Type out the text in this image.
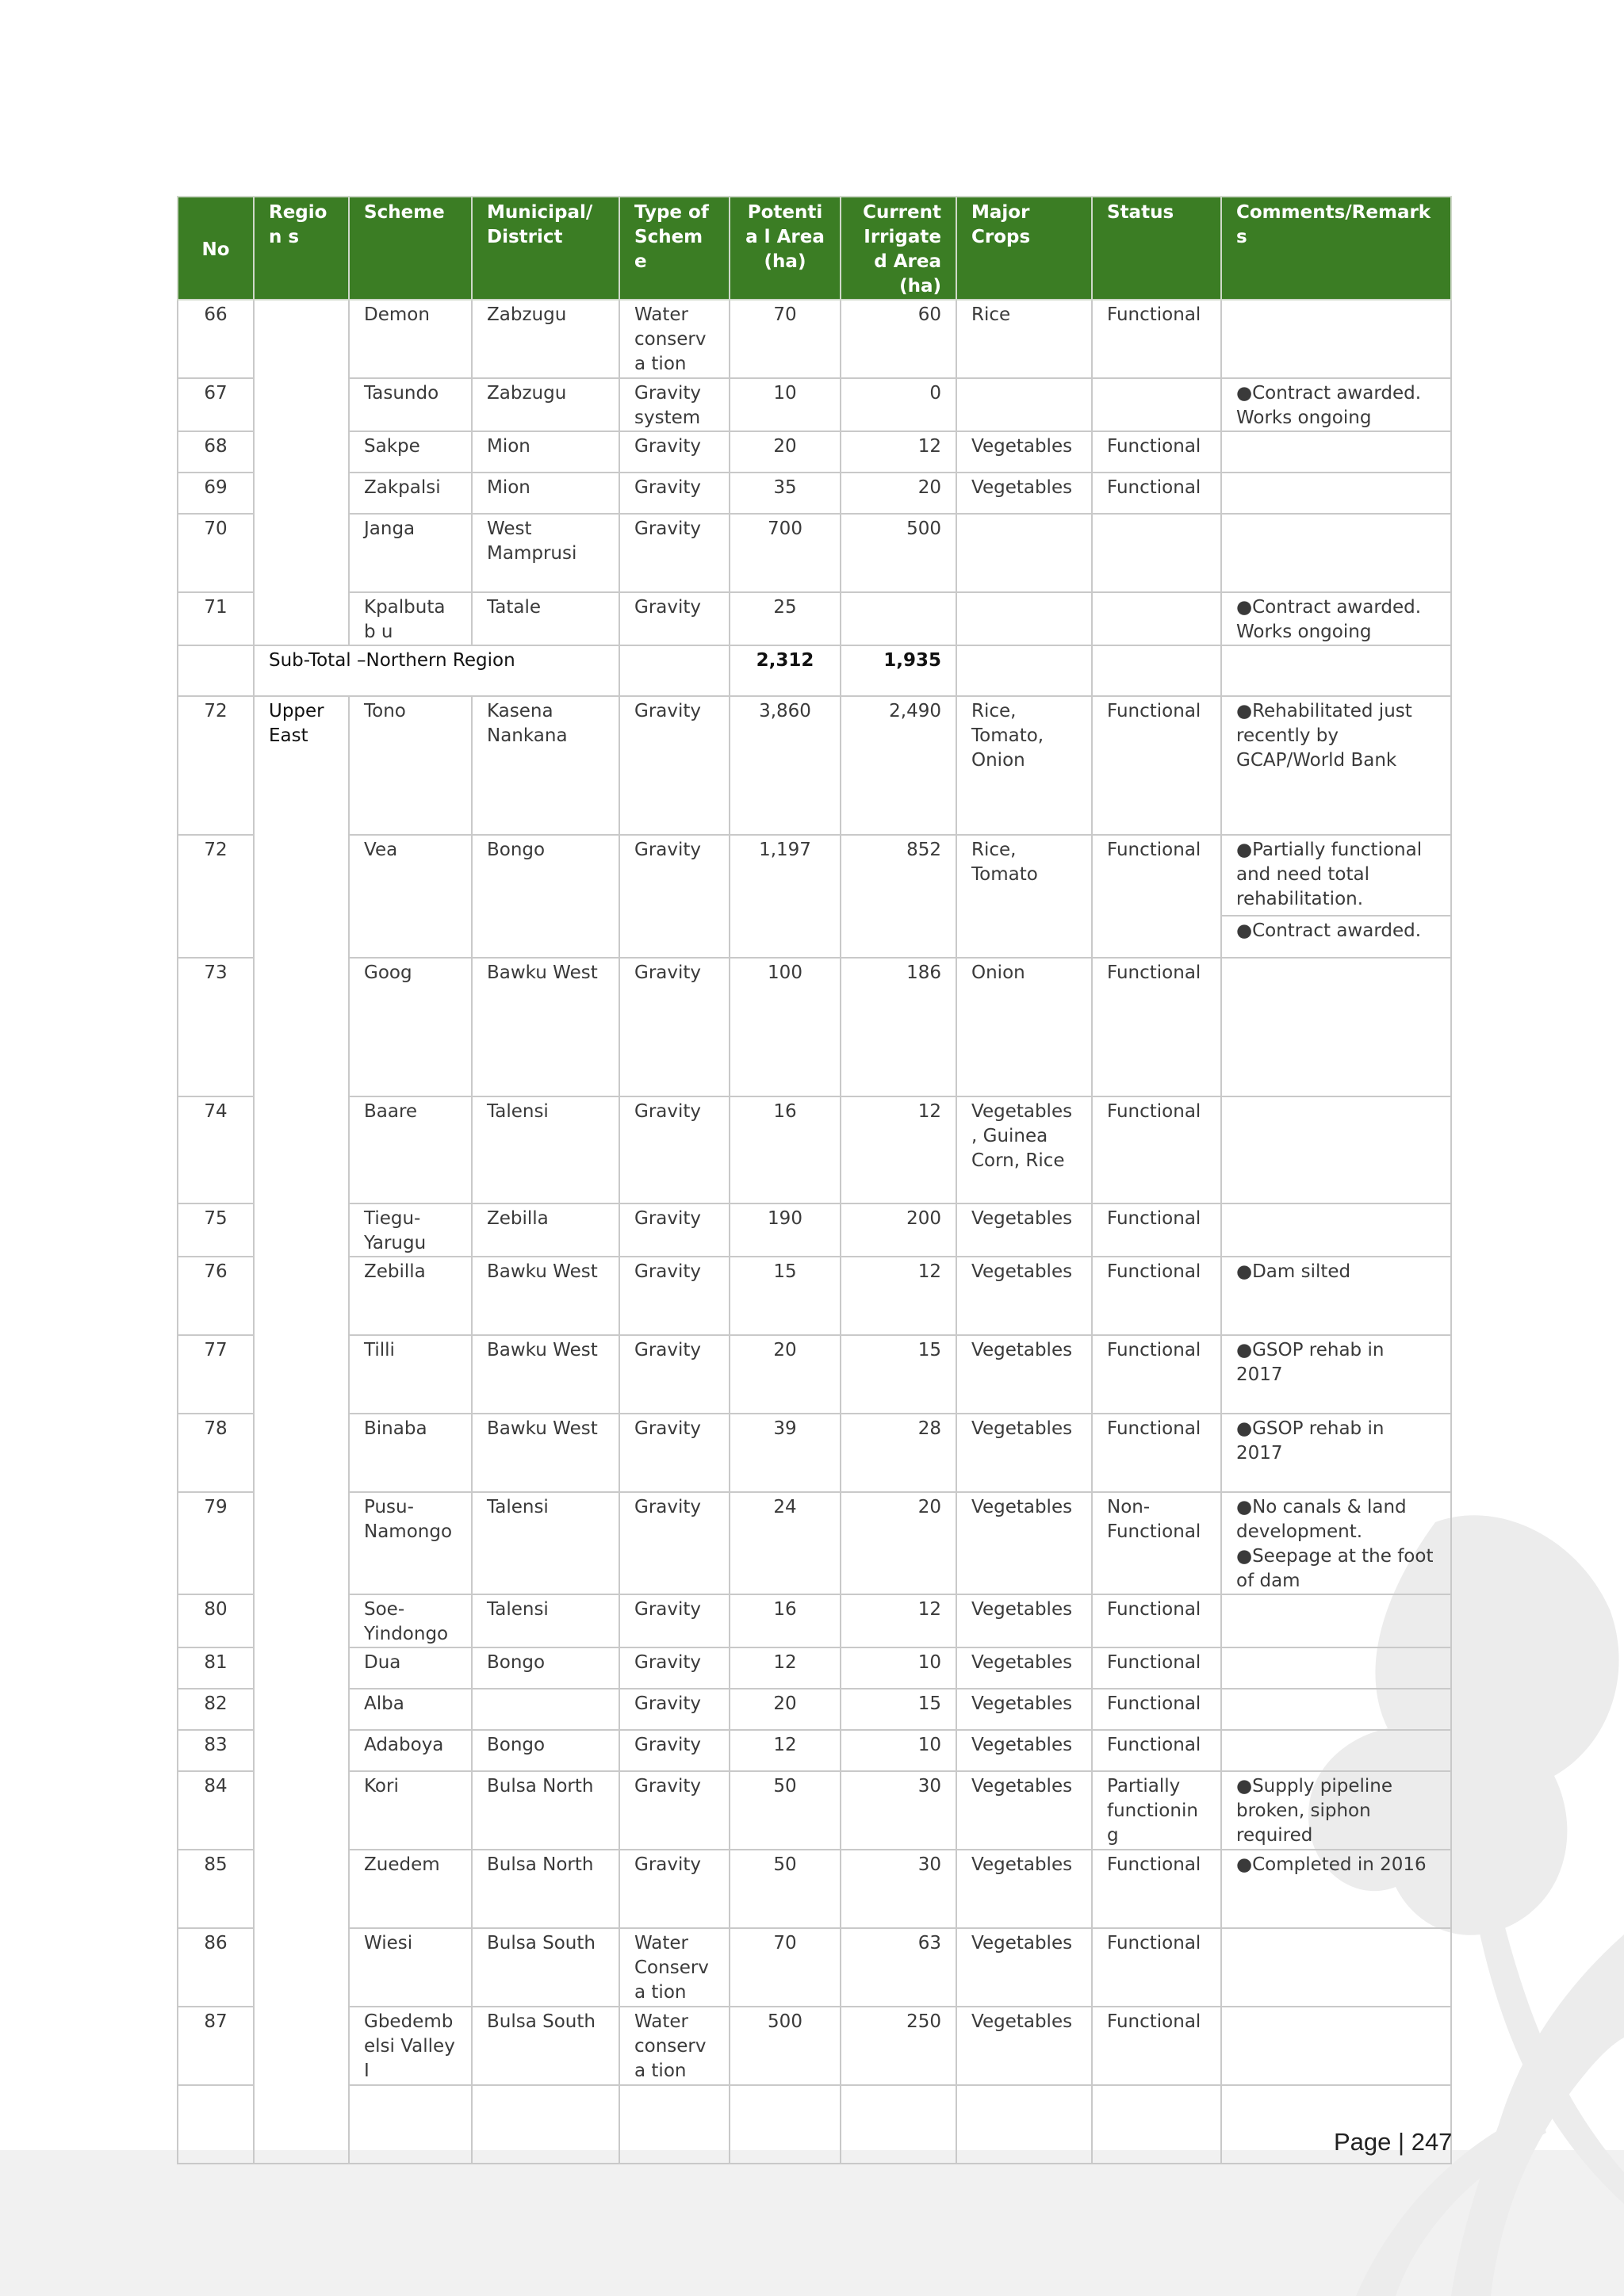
No	Region s	Scheme	Municipal/ District	Type of Scheme	Potentia l Area (ha)	Current Irrigated Area (ha)	Major Crops	Status	Comments/Remarks
66		Demon	Zabzugu	Water conserva tion	70	60	Rice	Functional	
67		Tasundo	Zabzugu	Gravity system	10	0			●Contract awarded. Works ongoing
68		Sakpe	Mion	Gravity	20	12	Vegetables	Functional	
69		Zakpalsi	Mion	Gravity	35	20	Vegetables	Functional	
70		Janga	West Mamprusi	Gravity	700	500			
71		Kpalbutab u	Tatale	Gravity	25				●Contract awarded. Works ongoing
	Sub-Total –Northern Region				2,312	1,935			
72	Upper East	Tono	Kasena Nankana	Gravity	3,860	2,490	Rice, Tomato, Onion	Functional	●Rehabilitated just recently by GCAP/World Bank
72		Vea	Bongo	Gravity	1,197	852	Rice, Tomato	Functional	●Partially functional and need total rehabilitation.
●Contract awarded.

73		Goog	Bawku West	Gravity	100	186	Onion	Functional	
74		Baare	Talensi	Gravity	16	12	Vegetables, Guinea Corn, Rice	Functional	
75		Tiegu-Yarugu	Zebilla	Gravity	190	200	Vegetables	Functional	
76		Zebilla	Bawku West	Gravity	15	12	Vegetables	Functional	●Dam silted
77		Tilli	Bawku West	Gravity	20	15	Vegetables	Functional	●GSOP rehab in 2017
78		Binaba	Bawku West	Gravity	39	28	Vegetables	Functional	●GSOP rehab in 2017
79		Pusu-Namongo	Talensi	Gravity	24	20	Vegetables	Non-Functional	●No canals & land development. ●Seepage at the foot of dam
80		Soe-Yindongo	Talensi	Gravity	16	12	Vegetables	Functional	
81		Dua	Bongo	Gravity	12	10	Vegetables	Functional	
82		Alba		Gravity	20	15	Vegetables	Functional	
83		Adaboya	Bongo	Gravity	12	10	Vegetables	Functional	
84		Kori	Bulsa North	Gravity	50	30	Vegetables	Partially functioning	●Supply pipeline broken, siphon required
85		Zuedem	Bulsa North	Gravity	50	30	Vegetables	Functional	●Completed in 2016
86		Wiesi	Bulsa South	Water Conserva tion	70	63	Vegetables	Functional	
87		Gbedemb elsi Valley I	Bulsa South	Water conserva tion	500	250	Vegetables	Functional	

Page | 247
